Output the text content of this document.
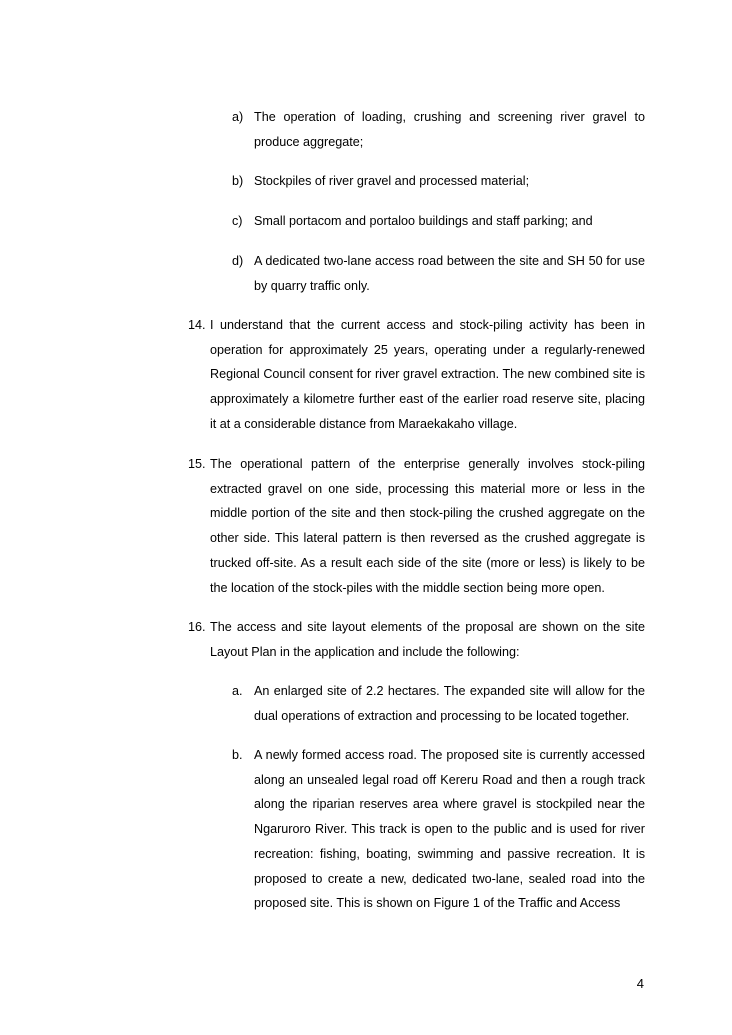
a) The operation of loading, crushing and screening river gravel to produce aggregate;

b) Stockpiles of river gravel and processed material;

c) Small portacom and portaloo buildings and staff parking; and

d) A dedicated two-lane access road between the site and SH 50 for use by quarry traffic only.

14. I understand that the current access and stock-piling activity has been in operation for approximately 25 years, operating under a regularly-renewed Regional Council consent for river gravel extraction. The new combined site is approximately a kilometre further east of the earlier road reserve site, placing it at a considerable distance from Maraekakaho village.

15. The operational pattern of the enterprise generally involves stock-piling extracted gravel on one side, processing this material more or less in the middle portion of the site and then stock-piling the crushed aggregate on the other side. This lateral pattern is then reversed as the crushed aggregate is trucked off-site. As a result each side of the site (more or less) is likely to be the location of the stock-piles with the middle section being more open.

16. The access and site layout elements of the proposal are shown on the site Layout Plan in the application and include the following:

a. An enlarged site of 2.2 hectares. The expanded site will allow for the dual operations of extraction and processing to be located together.

b. A newly formed access road. The proposed site is currently accessed along an unsealed legal road off Kereru Road and then a rough track along the riparian reserves area where gravel is stockpiled near the Ngaruroro River. This track is open to the public and is used for river recreation: fishing, boating, swimming and passive recreation. It is proposed to create a new, dedicated two-lane, sealed road into the proposed site. This is shown on Figure 1 of the Traffic and Access

4
